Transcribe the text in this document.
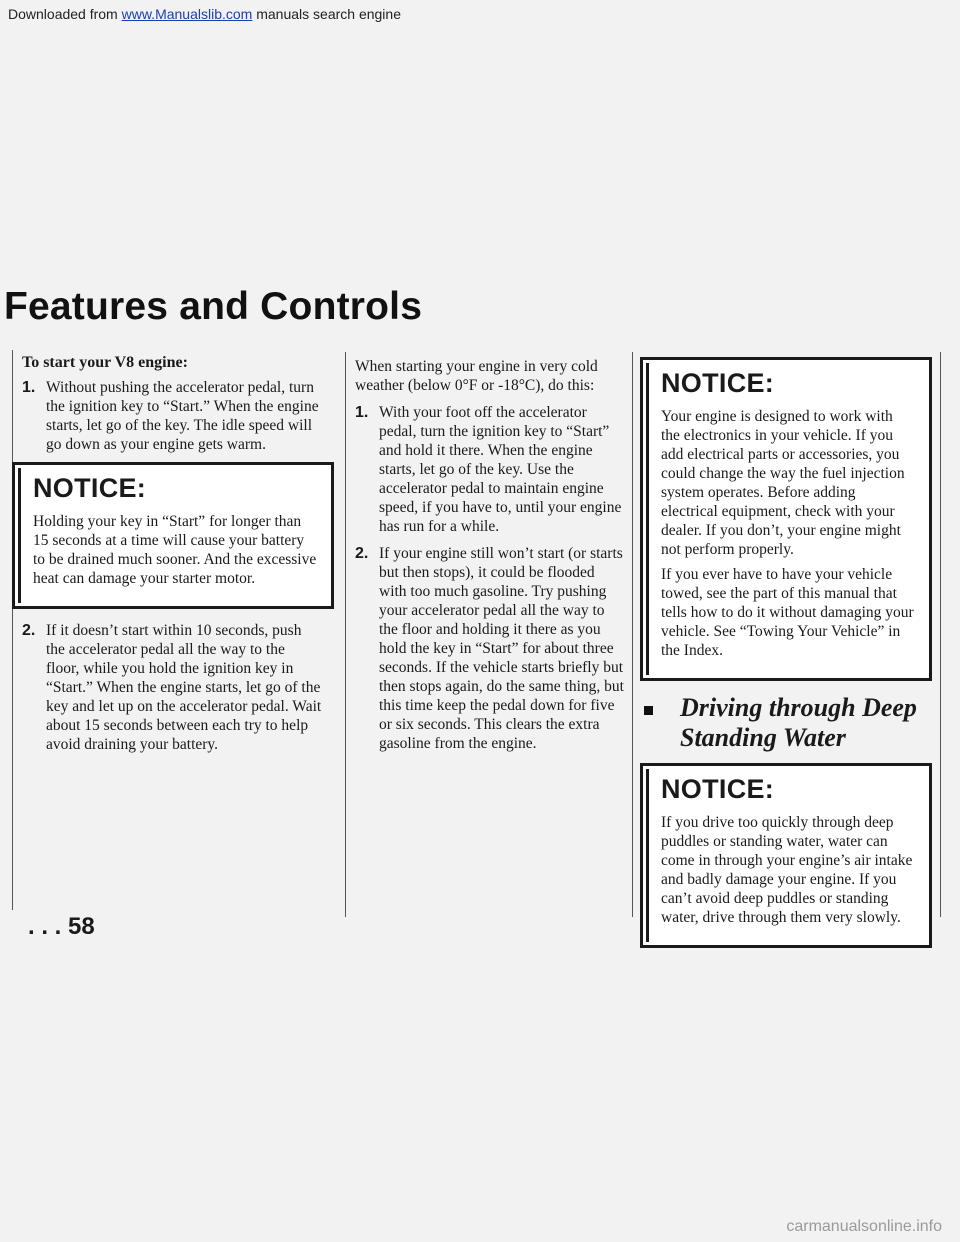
Downloaded from www.Manualslib.com manuals search engine
Features and Controls

To start your V8 engine:

1. Without pushing the accelerator pedal, turn the ignition key to “Start.” When the engine starts, let go of the key. The idle speed will go down as your engine gets warm.

NOTICE:

Holding your key in “Start” for longer than 15 seconds at a time will cause your battery to be drained much sooner. And the excessive heat can damage your starter motor.

2. If it doesn’t start within 10 seconds, push the accelerator pedal all the way to the floor, while you hold the ignition key in “Start.” When the engine starts, let go of the key and let up on the accelerator pedal. Wait about 15 seconds between each try to help avoid draining your battery.

When starting your engine in very cold weather (below 0°F or -18°C), do this:

1. With your foot off the accelerator pedal, turn the ignition key to “Start” and hold it there. When the engine starts, let go of the key. Use the accelerator pedal to maintain engine speed, if you have to, until your engine has run for a while.
2. If your engine still won’t start (or starts but then stops), it could be flooded with too much gasoline. Try pushing your accelerator pedal all the way to the floor and holding it there as you hold the key in “Start” for about three seconds. If the vehicle starts briefly but then stops again, do the same thing, but this time keep the pedal down for five or six seconds. This clears the extra gasoline from the engine.

NOTICE:

Your engine is designed to work with the electronics in your vehicle. If you add electrical parts or accessories, you could change the way the fuel injection system operates. Before adding electrical equipment, check with your dealer. If you don’t, your engine might not perform properly.

If you ever have to have your vehicle towed, see the part of this manual that tells how to do it without damaging your vehicle. See “Towing Your Vehicle” in the Index.

Driving through Deep Standing Water

NOTICE:

If you drive too quickly through deep puddles or standing water, water can come in through your engine’s air intake and badly damage your engine. If you can’t avoid deep puddles or standing water, drive through them very slowly.

. . . 58
carmanualsonline.info
